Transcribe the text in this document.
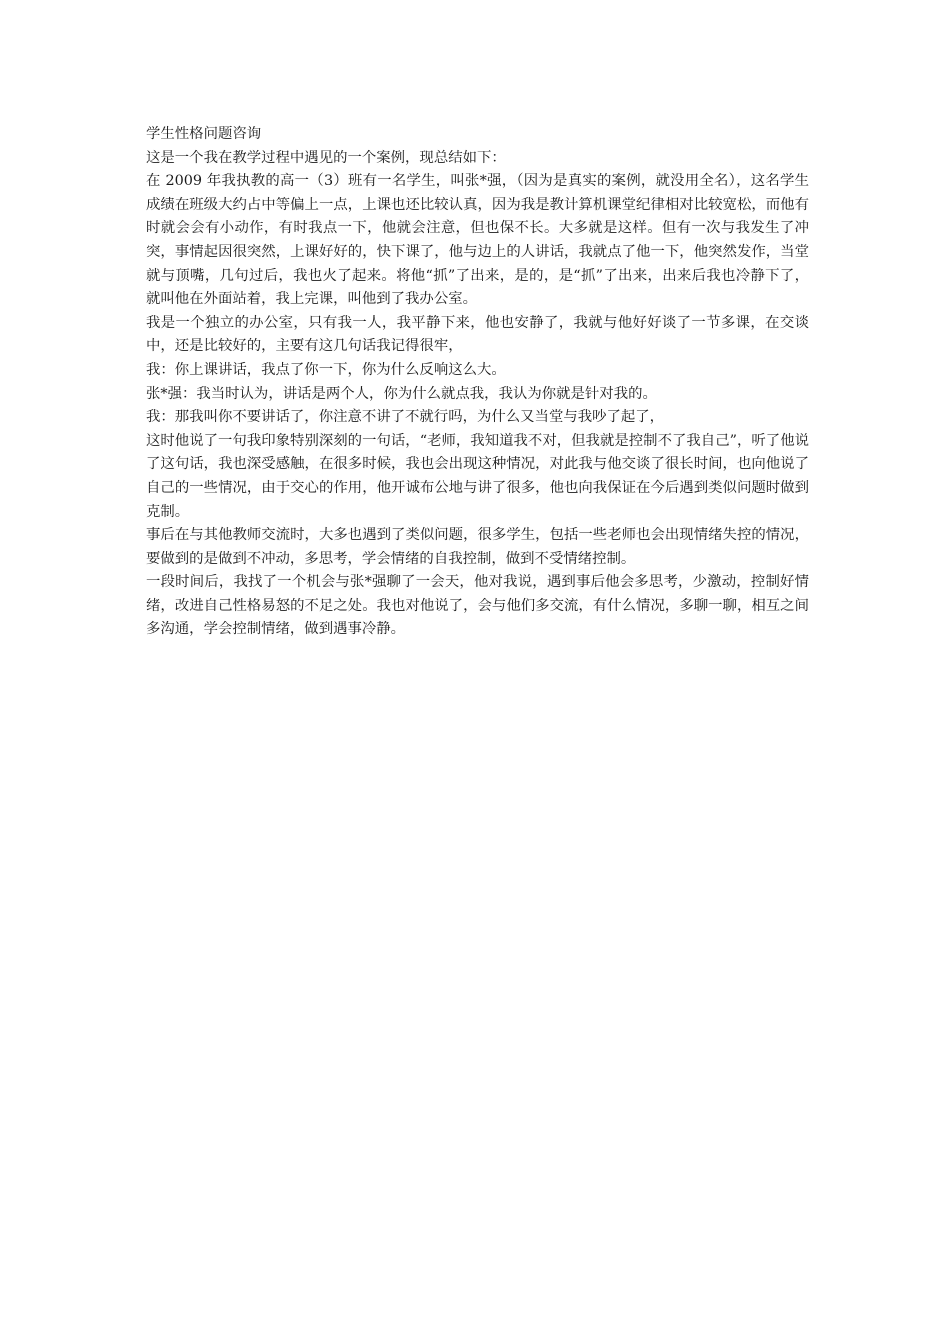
学生性格问题咨询

这是一个我在教学过程中遇见的一个案例，现总结如下：

在 2009 年我执教的高一（3）班有一名学生，叫张*强，（因为是真实的案例，就没用全名），这名学生成绩在班级大约占中等偏上一点，上课也还比较认真，因为我是教计算机课堂纪律相对比较宽松，而他有时就会会有小动作，有时我点一下，他就会注意，但也保不长。大多就是这样。但有一次与我发生了冲突，事情起因很突然，上课好好的，快下课了，他与边上的人讲话，我就点了他一下，他突然发作，当堂就与顶嘴，几句过后，我也火了起来。将他“抓”了出来，是的，是“抓”了出来，出来后我也冷静下了， 就叫他在外面站着，我上完课，叫他到了我办公室。

我是一个独立的办公室，只有我一人，我平静下来，他也安静了，我就与他好好谈了一节多课，在交谈中，还是比较好的，主要有这几句话我记得很牢，

我：你上课讲话，我点了你一下，你为什么反响这么大。

张*强：我当时认为，讲话是两个人，你为什么就点我，我认为你就是针对我的。

我：那我叫你不要讲话了，你注意不讲了不就行吗，为什么又当堂与我吵了起了，

这时他说了一句我印象特别深刻的一句话，“老师，我知道我不对，但我就是控制不了我自己”，听了他说了这句话，我也深受感触，在很多时候，我也会出现这种情况，对此我与他交谈了很长时间，也向他说了自己的一些情况，由于交心的作用，他开诚布公地与讲了很多，他也向我保证在今后遇到类似问题时做到克制。

事后在与其他教师交流时，大多也遇到了类似问题，很多学生，包括一些老师也会出现情绪失控的情况，要做到的是做到不冲动，多思考，学会情绪的自我控制，做到不受情绪控制。

一段时间后，我找了一个机会与张*强聊了一会天，他对我说，遇到事后他会多思考，少激动，控制好情绪，改进自己性格易怒的不足之处。我也对他说了，会与他们多交流，有什么情况，多聊一聊，相互之间多沟通，学会控制情绪，做到遇事冷静。
